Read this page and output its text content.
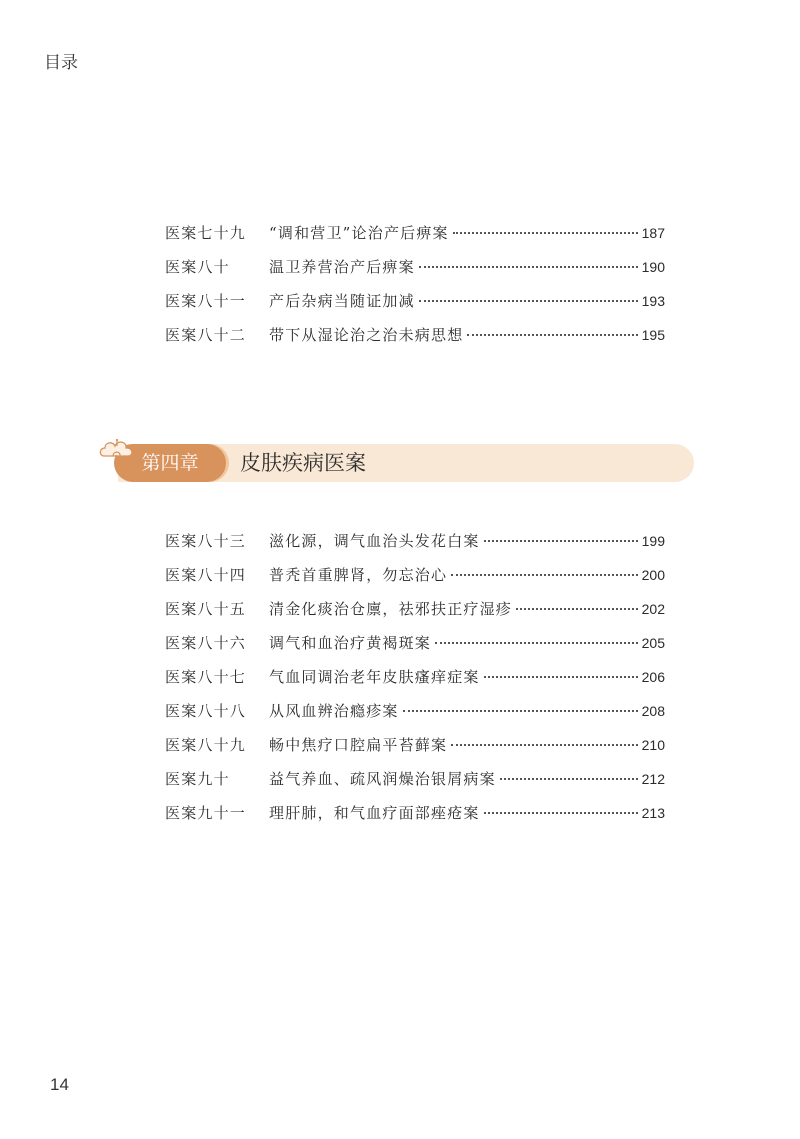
目录
医案七十九	“调和营卫”论治产后痹案	187
医案八十	温卫养营治产后痹案	190
医案八十一	产后杂病当随证加减	193
医案八十二	带下从湿论治之治未病思想	195
第四章	皮肤疾病医案
医案八十三	滋化源，调气血治头发花白案	199
医案八十四	普秃首重脾肾，勿忘治心	200
医案八十五	清金化痰治仓廪，祛邪扶正疗湿疹	202
医案八十六	调气和血治疗黄褐斑案	205
医案八十七	气血同调治老年皮肤瘙痒症案	206
医案八十八	从风血辨治瘾疹案	208
医案八十九	畅中焦疗口腔扁平苔藓案	210
医案九十	益气养血、疏风润燥治银屑病案	212
医案九十一	理肝肺，和气血疗面部痤疮案	213
14
